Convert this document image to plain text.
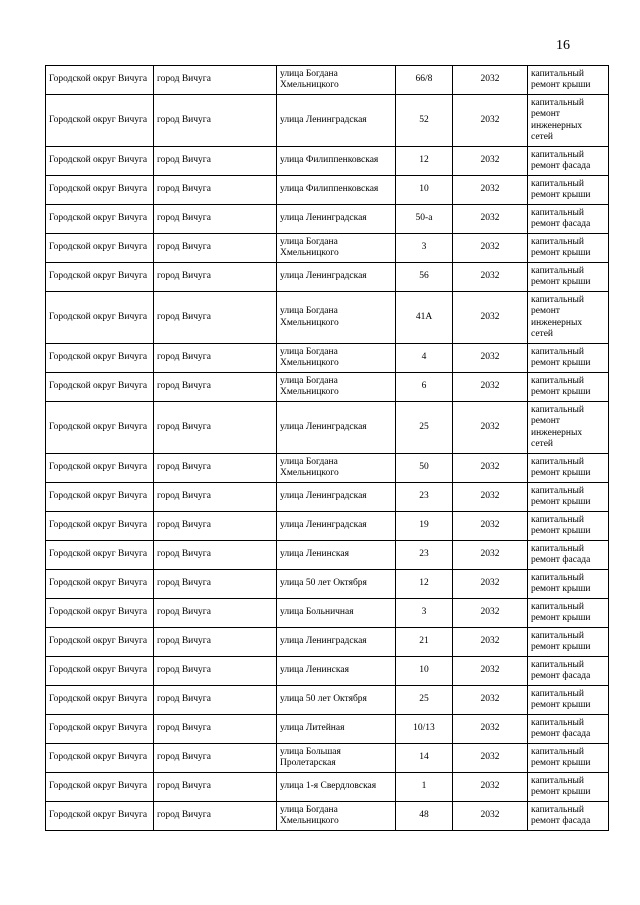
16
Городской округ Вичуга	город Вичуга	улица Богдана Хмельницкого	66/8	2032	капитальный
ремонт крыши
Городской округ Вичуга	город Вичуга	улица Ленинградская	52	2032	капитальный
ремонт
инженерных
сетей
Городской округ Вичуга	город Вичуга	улица Филиппенковская	12	2032	капитальный
ремонт фасада
Городской округ Вичуга	город Вичуга	улица Филиппенковская	10	2032	капитальный
ремонт крыши
Городской округ Вичуга	город Вичуга	улица Ленинградская	50-а	2032	капитальный
ремонт фасада
Городской округ Вичуга	город Вичуга	улица Богдана Хмельницкого	3	2032	капитальный
ремонт крыши
Городской округ Вичуга	город Вичуга	улица Ленинградская	56	2032	капитальный
ремонт крыши
Городской округ Вичуга	город Вичуга	улица Богдана Хмельницкого	41А	2032	капитальный
ремонт
инженерных
сетей
Городской округ Вичуга	город Вичуга	улица Богдана Хмельницкого	4	2032	капитальный
ремонт крыши
Городской округ Вичуга	город Вичуга	улица Богдана Хмельницкого	6	2032	капитальный
ремонт крыши
Городской округ Вичуга	город Вичуга	улица Ленинградская	25	2032	капитальный
ремонт
инженерных
сетей
Городской округ Вичуга	город Вичуга	улица Богдана Хмельницкого	50	2032	капитальный
ремонт крыши
Городской округ Вичуга	город Вичуга	улица Ленинградская	23	2032	капитальный
ремонт крыши
Городской округ Вичуга	город Вичуга	улица Ленинградская	19	2032	капитальный
ремонт крыши
Городской округ Вичуга	город Вичуга	улица Ленинская	23	2032	капитальный
ремонт фасада
Городской округ Вичуга	город Вичуга	улица 50 лет Октября	12	2032	капитальный
ремонт крыши
Городской округ Вичуга	город Вичуга	улица Больничная	3	2032	капитальный
ремонт крыши
Городской округ Вичуга	город Вичуга	улица Ленинградская	21	2032	капитальный
ремонт крыши
Городской округ Вичуга	город Вичуга	улица Ленинская	10	2032	капитальный
ремонт фасада
Городской округ Вичуга	город Вичуга	улица 50 лет Октября	25	2032	капитальный
ремонт крыши
Городской округ Вичуга	город Вичуга	улица Литейная	10/13	2032	капитальный
ремонт фасада
Городской округ Вичуга	город Вичуга	улица Большая Пролетарская	14	2032	капитальный
ремонт крыши
Городской округ Вичуга	город Вичуга	улица 1-я Свердловская	1	2032	капитальный
ремонт крыши
Городской округ Вичуга	город Вичуга	улица Богдана Хмельницкого	48	2032	капитальный
ремонт фасада
